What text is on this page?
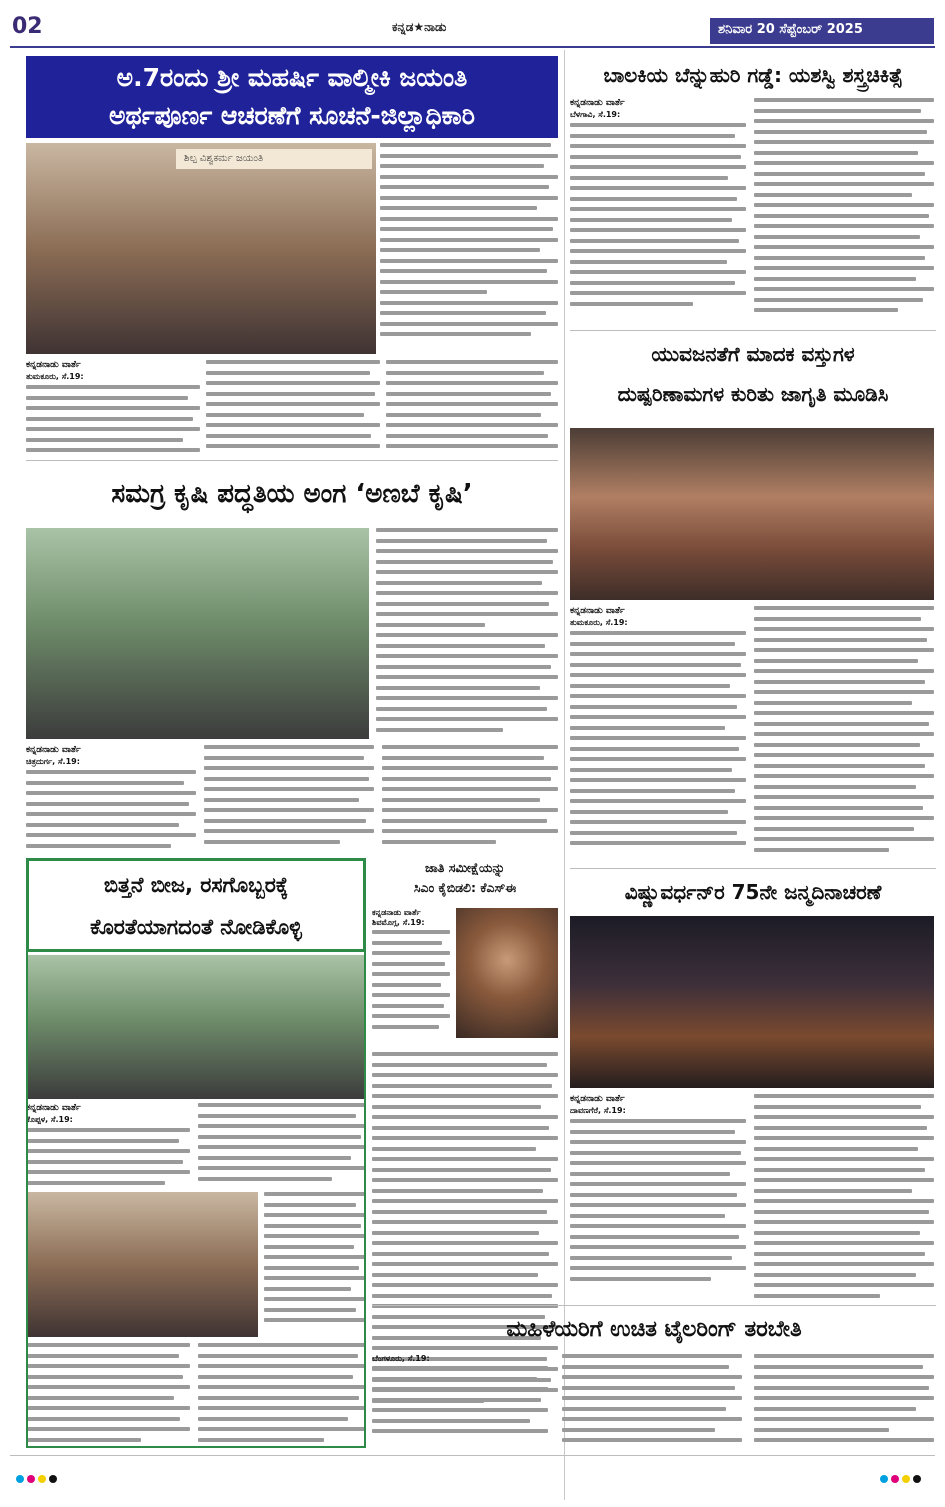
02	ಕನ್ನಡ★ನಾಡು	ಶನಿವಾರ 20 ಸೆಪ್ಟೆಂಬರ್ 2025
ಅ.7ರಂದು ಶ್ರೀ ಮಹರ್ಷಿ ವಾಲ್ಮೀಕಿ ಜಯಂತಿ
ಅರ್ಥಪೂರ್ಣ ಆಚರಣೆಗೆ ಸೂಚನೆ-ಜಿಲ್ಲಾಧಿಕಾರಿ
ಶಿಲ್ಪ ವಿಶ್ವಕರ್ಮ ಜಯಂತಿ
ಕನ್ನಡನಾಡು ವಾರ್ತೆ
ತುಮಕೂರು, ಸೆ.19:
ಬಾಲಕಿಯ ಬೆನ್ನುಹುರಿ ಗಡ್ಡೆ: ಯಶಸ್ವಿ ಶಸ್ತ್ರಚಿಕಿತ್ಸೆ
ಕನ್ನಡನಾಡು ವಾರ್ತೆ
ಬೆಳಗಾವಿ, ಸೆ.19:
ಸಮಗ್ರ ಕೃಷಿ ಪದ್ಧತಿಯ ಅಂಗ ‘ಅಣಬೆ ಕೃಷಿ’
ಕನ್ನಡನಾಡು ವಾರ್ತೆ
ಚಿತ್ರದುರ್ಗ, ಸೆ.19:
ಯುವಜನತೆಗೆ ಮಾದಕ ವಸ್ತುಗಳ
ದುಷ್ಪರಿಣಾಮಗಳ ಕುರಿತು ಜಾಗೃತಿ ಮೂಡಿಸಿ
ಕನ್ನಡನಾಡು ವಾರ್ತೆ
ತುಮಕೂರು, ಸೆ.19:
ಬಿತ್ತನೆ ಬೀಜ, ರಸಗೊಬ್ಬರಕ್ಕೆ
ಕೊರತೆಯಾಗದಂತೆ ನೋಡಿಕೊಳ್ಳಿ
ಕನ್ನಡನಾಡು ವಾರ್ತೆ
ಕೊಪ್ಪಳ, ಸೆ.19:
ಜಾತಿ ಸಮೀಕ್ಷೆಯನ್ನು
ಸಿಎಂ ಕೈಬಿಡಲಿ: ಕೆಎಸ್‌ಈ
ಕನ್ನಡನಾಡು ವಾರ್ತೆ
ಶಿವಮೊಗ್ಗ, ಸೆ.19:
ವಿಷ್ಣುವರ್ಧನ್‌ರ 75ನೇ ಜನ್ಮದಿನಾಚರಣೆ
ಕನ್ನಡನಾಡು ವಾರ್ತೆ
ದಾವಣಗೆರೆ, ಸೆ.19:
ಮಹಿಳೆಯರಿಗೆ ಉಚಿತ ಟೈಲರಿಂಗ್ ತರಬೇತಿ
ಬೆಂಗಳೂರು, ಸೆ.19:
